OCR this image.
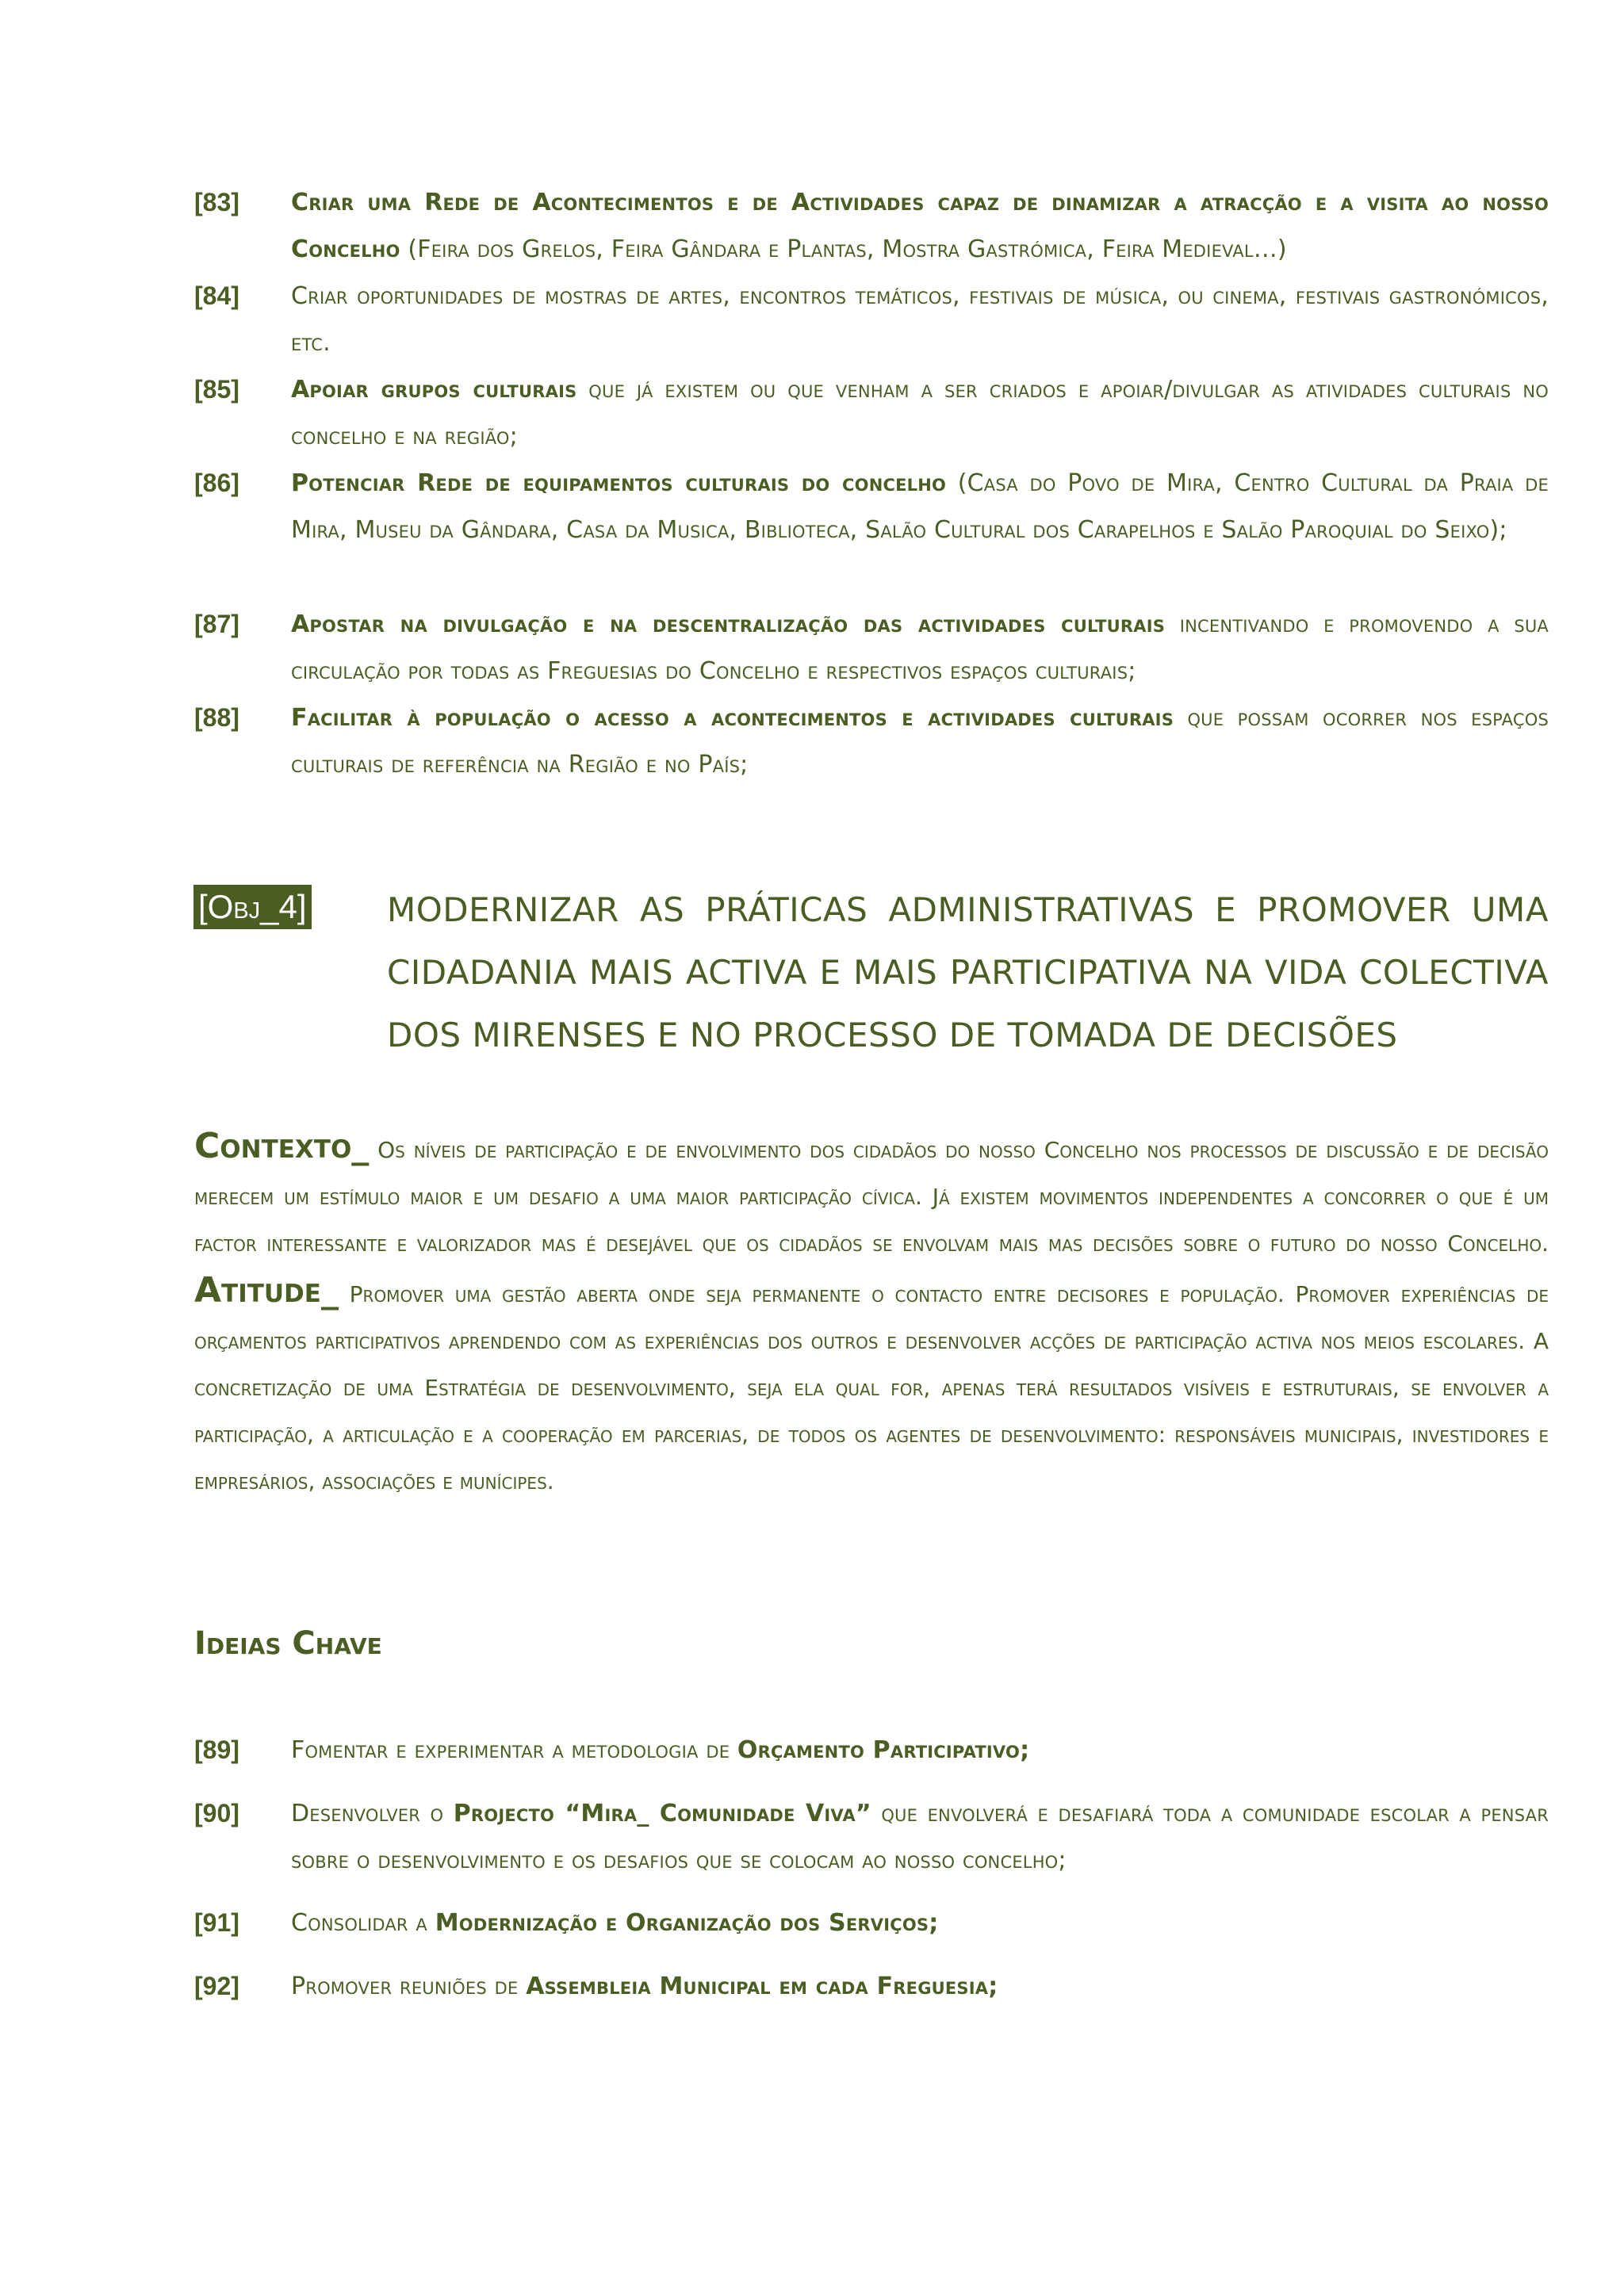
[83] Criar uma Rede de Acontecimentos e de Actividades capaz de dinamizar a atracção e a visita ao nosso Concelho (Feira dos Grelos, Feira Gândara e Plantas, Mostra Gastrómica, Feira Medieval…)
[84] Criar oportunidades de mostras de artes, encontros temáticos, festivais de música, ou cinema, festivais gastronómicos, etc.
[85] Apoiar grupos culturais que já existem ou que venham a ser criados e apoiar/divulgar as atividades culturais no concelho e na região;
[86] Potenciar Rede de equipamentos culturais do concelho (Casa do Povo de Mira, Centro Cultural da Praia de Mira, Museu da Gândara, Casa da Musica, Biblioteca, Salão Cultural dos Carapelhos e Salão Paroquial do Seixo);
[87] Apostar na divulgação e na descentralização das actividades culturais incentivando e promovendo a sua circulação por todas as Freguesias do Concelho e respectivos espaços culturais;
[88] Facilitar à população o acesso a acontecimentos e actividades culturais que possam ocorrer nos espaços culturais de referência na Região e no País;
[Obj_4] MODERNIZAR AS PRÁTICAS ADMINISTRATIVAS E PROMOVER UMA CIDADANIA MAIS ACTIVA E MAIS PARTICIPATIVA NA VIDA COLECTIVA DOS MIRENSES E NO PROCESSO DE TOMADA DE DECISÕES
Contexto_ Os níveis de participação e de envolvimento dos cidadãos do nosso Concelho nos processos de discussão e de decisão merecem um estímulo maior e um desafio a uma maior participação cívica. Já existem movimentos independentes a concorrer o que é um factor interessante e valorizador mas é desejável que os cidadãos se envolvam mais mas decisões sobre o futuro do nosso Concelho. Atitude_ Promover uma gestão aberta onde seja permanente o contacto entre decisores e população. Promover experiências de orçamentos participativos aprendendo com as experiências dos outros e desenvolver acções de participação activa nos meios escolares. A concretização de uma Estratégia de desenvolvimento, seja ela qual for, apenas terá resultados visíveis e estruturais, se envolver a participação, a articulação e a cooperação em parcerias, de todos os agentes de desenvolvimento: responsáveis municipais, investidores e empresários, associações e munícipes.
Ideias Chave
[89] Fomentar e experimentar a metodologia de Orçamento Participativo;
[90] Desenvolver o Projecto “Mira_ Comunidade Viva” que envolverá e desafiará toda a comunidade escolar a pensar sobre o desenvolvimento e os desafios que se colocam ao nosso concelho;
[91] Consolidar a Modernização e Organização dos Serviços;
[92] Promover reuniões de Assembleia Municipal em cada Freguesia;
